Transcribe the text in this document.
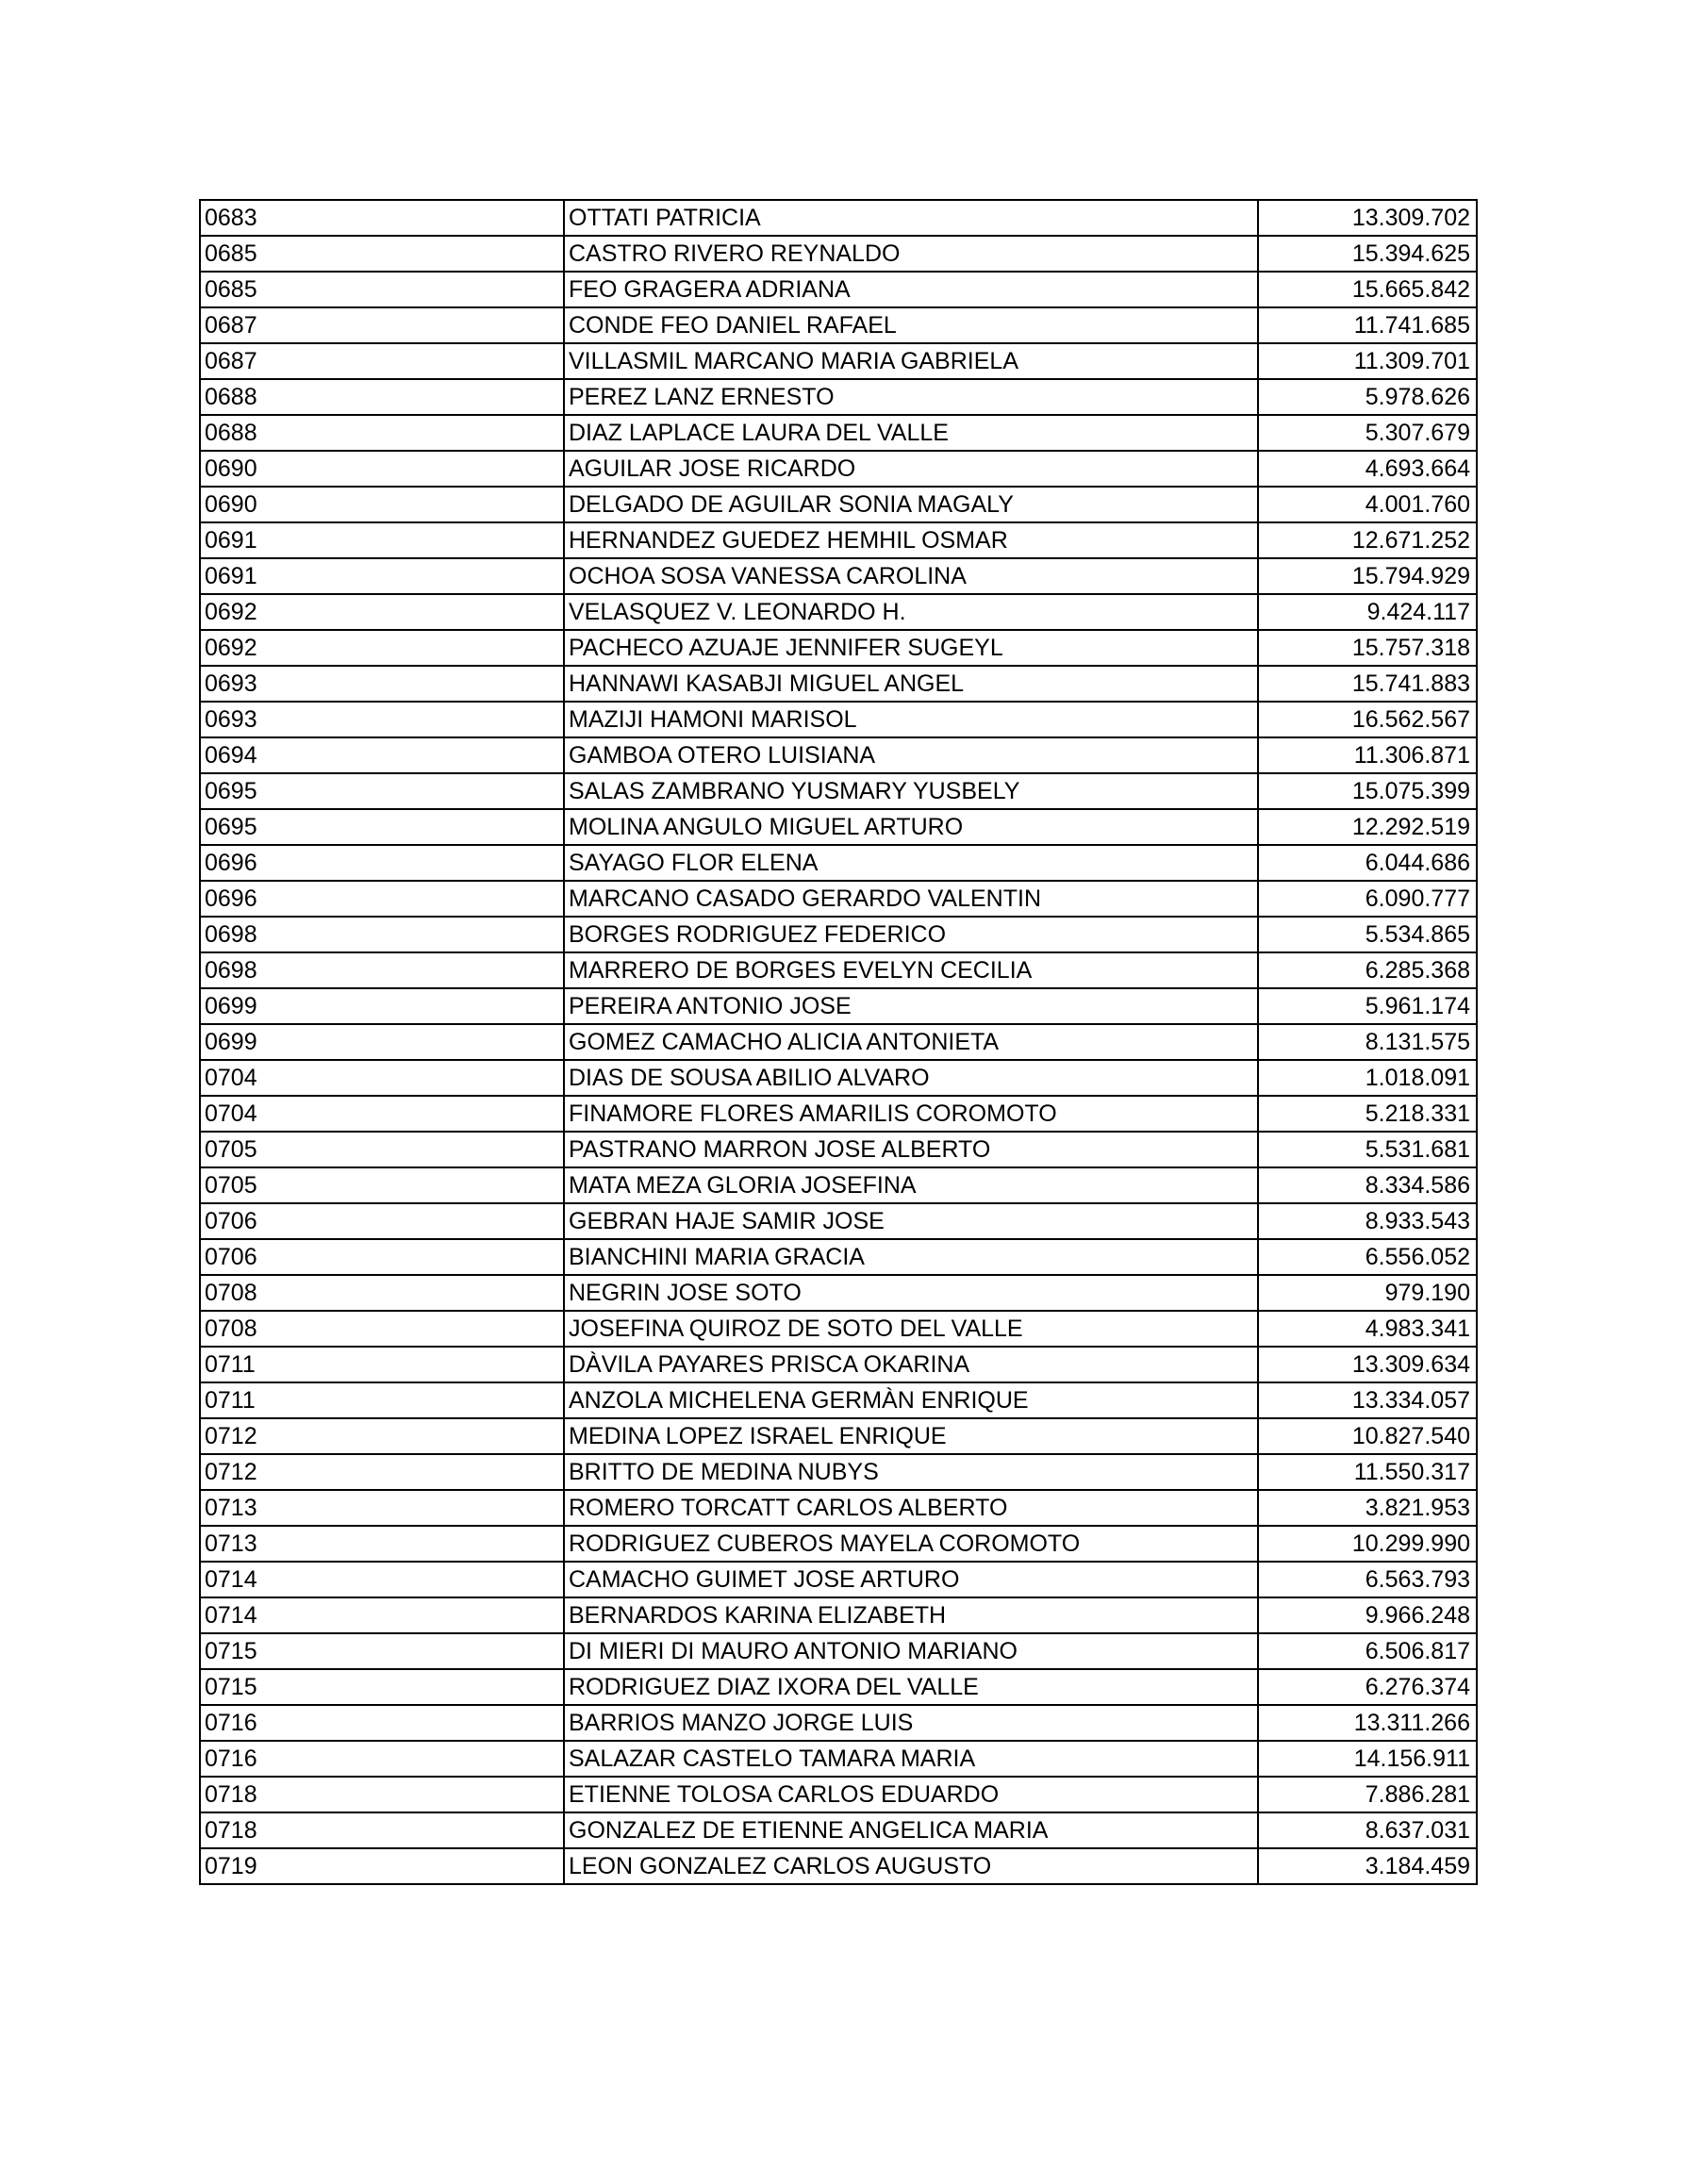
0683	OTTATI PATRICIA	13.309.702
0685	CASTRO RIVERO REYNALDO	15.394.625
0685	FEO GRAGERA ADRIANA	15.665.842
0687	CONDE FEO DANIEL RAFAEL	11.741.685
0687	VILLASMIL MARCANO MARIA GABRIELA	11.309.701
0688	PEREZ LANZ ERNESTO	5.978.626
0688	DIAZ LAPLACE LAURA DEL VALLE	5.307.679
0690	AGUILAR JOSE RICARDO	4.693.664
0690	DELGADO DE AGUILAR SONIA MAGALY	4.001.760
0691	HERNANDEZ GUEDEZ HEMHIL OSMAR	12.671.252
0691	OCHOA SOSA VANESSA CAROLINA	15.794.929
0692	VELASQUEZ V. LEONARDO H.	9.424.117
0692	PACHECO AZUAJE JENNIFER SUGEYL	15.757.318
0693	HANNAWI KASABJI MIGUEL ANGEL	15.741.883
0693	MAZIJI HAMONI MARISOL	16.562.567
0694	GAMBOA OTERO LUISIANA	11.306.871
0695	SALAS ZAMBRANO YUSMARY YUSBELY	15.075.399
0695	MOLINA ANGULO MIGUEL ARTURO	12.292.519
0696	SAYAGO FLOR ELENA	6.044.686
0696	MARCANO CASADO GERARDO VALENTIN	6.090.777
0698	BORGES RODRIGUEZ FEDERICO	5.534.865
0698	MARRERO DE BORGES EVELYN CECILIA	6.285.368
0699	PEREIRA ANTONIO JOSE	5.961.174
0699	GOMEZ CAMACHO ALICIA ANTONIETA	8.131.575
0704	DIAS DE SOUSA ABILIO ALVARO	1.018.091
0704	FINAMORE FLORES AMARILIS COROMOTO	5.218.331
0705	PASTRANO MARRON JOSE ALBERTO	5.531.681
0705	MATA MEZA GLORIA JOSEFINA	8.334.586
0706	GEBRAN HAJE SAMIR JOSE	8.933.543
0706	BIANCHINI MARIA GRACIA	6.556.052
0708	NEGRIN JOSE SOTO	979.190
0708	JOSEFINA QUIROZ DE SOTO DEL VALLE	4.983.341
0711	DÀVILA PAYARES PRISCA OKARINA	13.309.634
0711	ANZOLA MICHELENA GERMÀN ENRIQUE	13.334.057
0712	MEDINA LOPEZ ISRAEL ENRIQUE	10.827.540
0712	BRITTO DE MEDINA NUBYS	11.550.317
0713	ROMERO TORCATT CARLOS ALBERTO	3.821.953
0713	RODRIGUEZ CUBEROS MAYELA COROMOTO	10.299.990
0714	CAMACHO GUIMET JOSE ARTURO	6.563.793
0714	BERNARDOS KARINA ELIZABETH	9.966.248
0715	DI MIERI DI MAURO ANTONIO MARIANO	6.506.817
0715	RODRIGUEZ DIAZ IXORA DEL VALLE	6.276.374
0716	BARRIOS MANZO JORGE LUIS	13.311.266
0716	SALAZAR CASTELO TAMARA MARIA	14.156.911
0718	ETIENNE TOLOSA CARLOS EDUARDO	7.886.281
0718	GONZALEZ DE ETIENNE ANGELICA MARIA	8.637.031
0719	LEON GONZALEZ CARLOS AUGUSTO	3.184.459
